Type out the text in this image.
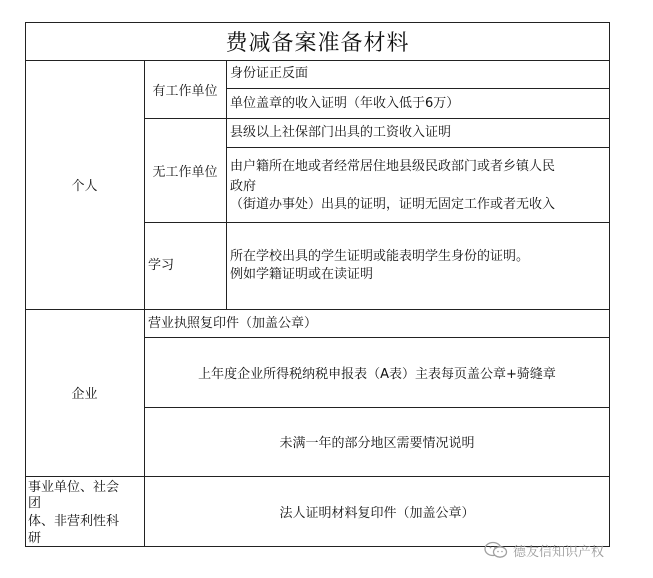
费减备案准备材料
个人
有工作单位
身份证正反面
单位盖章的收入证明（年收入低于6万）
无工作单位
县级以上社保部门出具的工资收入证明
由户籍所在地或者经常居住地县级民政部门或者乡镇人民
政府
（街道办事处）出具的证明，证明无固定工作或者无收入
学习
所在学校出具的学生证明或能表明学生身份的证明。
例如学籍证明或在读证明
企业
营业执照复印件（加盖公章）
上年度企业所得税纳税申报表（A表）主表每页盖公章+骑缝章
未满一年的部分地区需要情况说明
事业单位、社会
团
体、非营利性科
研
法人证明材料复印件（加盖公章）
德友信知识产权
